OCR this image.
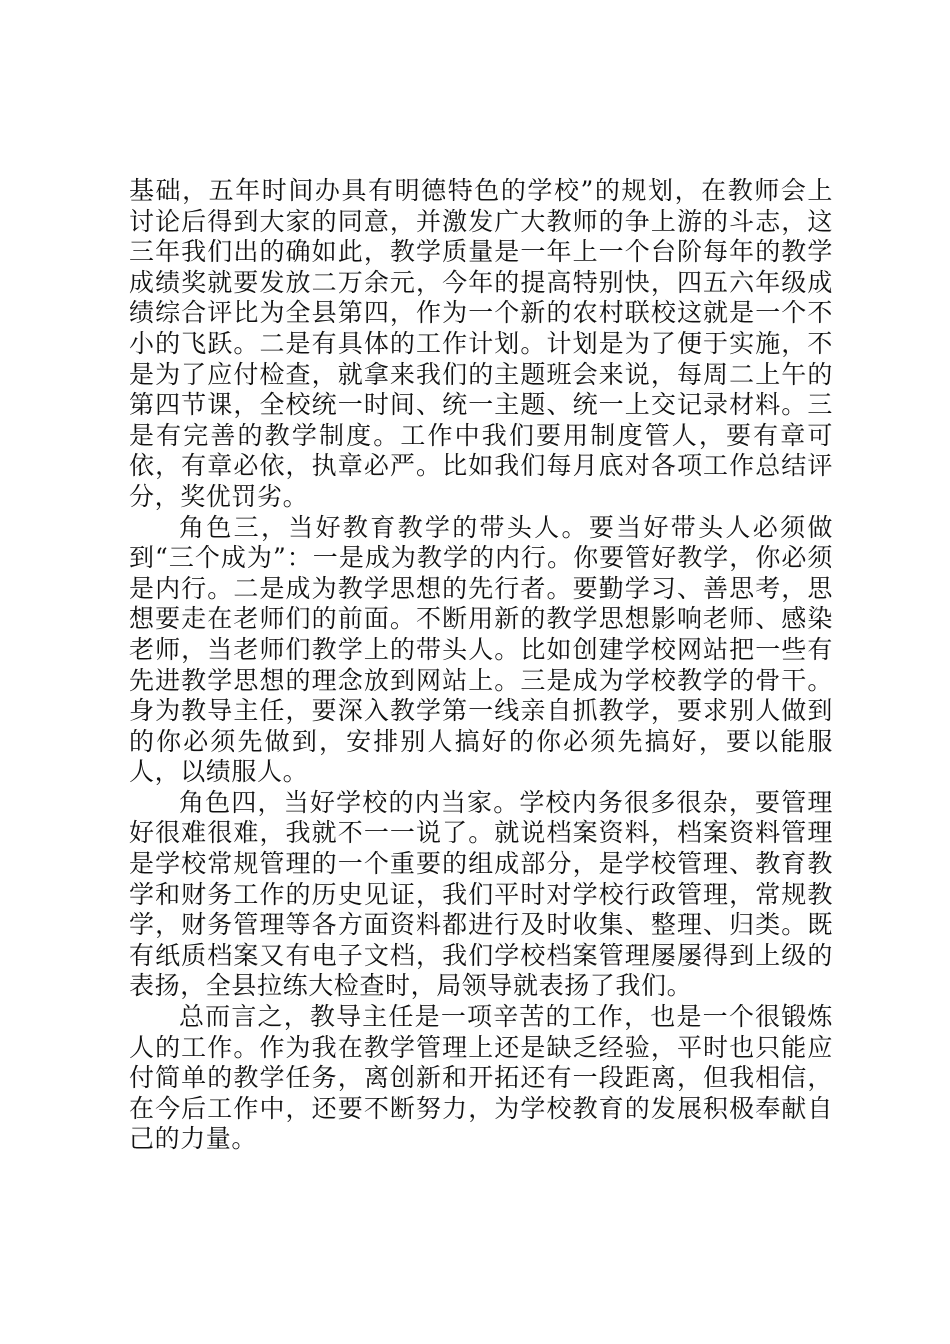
基础，五年时间办具有明德特色的学校”的规划，在教师会上讨论后得到大家的同意，并激发广大教师的争上游的斗志，这三年我们出的确如此，教学质量是一年上一个台阶每年的教学成绩奖就要发放二万余元，今年的提高特别快，四五六年级成绩综合评比为全县第四，作为一个新的农村联校这就是一个不小的飞跃。二是有具体的工作计划。计划是为了便于实施，不是为了应付检查，就拿来我们的主题班会来说，每周二上午的第四节课，全校统一时间、统一主题、统一上交记录材料。三是有完善的教学制度。工作中我们要用制度管人，要有章可依，有章必依，执章必严。比如我们每月底对各项工作总结评分，奖优罚劣。

角色三，当好教育教学的带头人。要当好带头人必须做到“三个成为”：一是成为教学的内行。你要管好教学，你必须是内行。二是成为教学思想的先行者。要勤学习、善思考，思想要走在老师们的前面。不断用新的教学思想影响老师、感染老师，当老师们教学上的带头人。比如创建学校网站把一些有先进教学思想的理念放到网站上。三是成为学校教学的骨干。身为教导主任，要深入教学第一线亲自抓教学，要求别人做到的你必须先做到，安排别人搞好的你必须先搞好，要以能服人，以绩服人。

角色四，当好学校的内当家。学校内务很多很杂，要管理好很难很难，我就不一一说了。就说档案资料，档案资料管理是学校常规管理的一个重要的组成部分，是学校管理、教育教学和财务工作的历史见证，我们平时对学校行政管理，常规教学，财务管理等各方面资料都进行及时收集、整理、归类。既有纸质档案又有电子文档，我们学校档案管理屡屡得到上级的表扬，全县拉练大检查时，局领导就表扬了我们。

总而言之，教导主任是一项辛苦的工作，也是一个很锻炼人的工作。作为我在教学管理上还是缺乏经验，平时也只能应付简单的教学任务，离创新和开拓还有一段距离，但我相信，在今后工作中，还要不断努力，为学校教育的发展积极奉献自己的力量。
